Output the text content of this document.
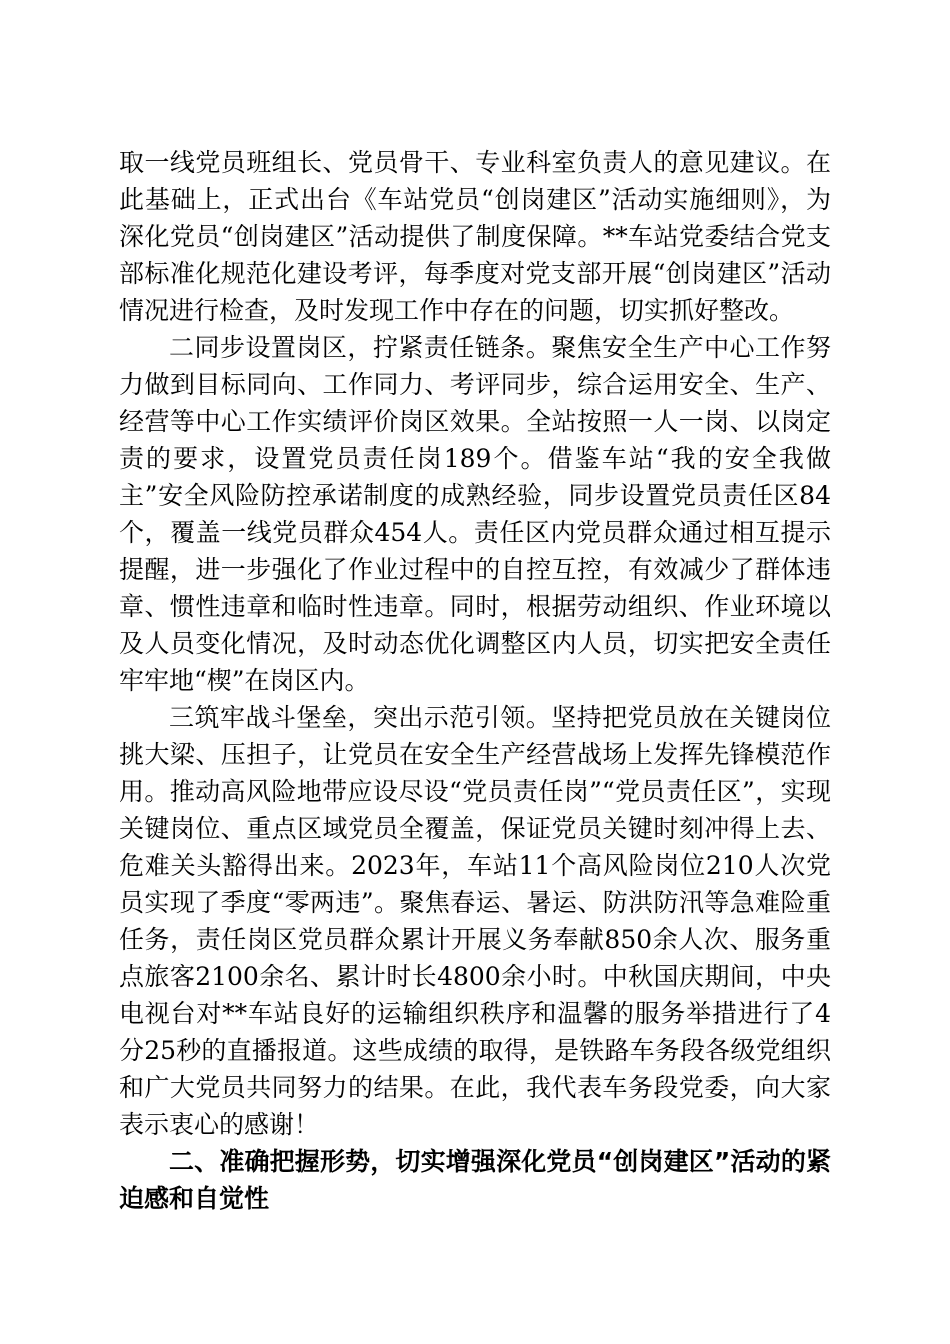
取一线党员班组长、党员骨干、专业科室负责人的意见建议。在此基础上，正式出台《车站党员“创岗建区”活动实施细则》，为深化党员“创岗建区”活动提供了制度保障。**车站党委结合党支部标准化规范化建设考评，每季度对党支部开展“创岗建区”活动情况进行检查，及时发现工作中存在的问题，切实抓好整改。

二同步设置岗区，拧紧责任链条。聚焦安全生产中心工作努力做到目标同向、工作同力、考评同步，综合运用安全、生产、经营等中心工作实绩评价岗区效果。全站按照一人一岗、以岗定责的要求，设置党员责任岗189个。借鉴车站“我的安全我做主”安全风险防控承诺制度的成熟经验，同步设置党员责任区84个，覆盖一线党员群众454人。责任区内党员群众通过相互提示提醒，进一步强化了作业过程中的自控互控，有效减少了群体违章、惯性违章和临时性违章。同时，根据劳动组织、作业环境以及人员变化情况，及时动态优化调整区内人员，切实把安全责任牢牢地“楔”在岗区内。

三筑牢战斗堡垒，突出示范引领。坚持把党员放在关键岗位挑大梁、压担子，让党员在安全生产经营战场上发挥先锋模范作用。推动高风险地带应设尽设“党员责任岗”“党员责任区”，实现关键岗位、重点区域党员全覆盖，保证党员关键时刻冲得上去、危难关头豁得出来。2023年，车站11个高风险岗位210人次党员实现了季度“零两违”。聚焦春运、暑运、防洪防汛等急难险重任务，责任岗区党员群众累计开展义务奉献850余人次、服务重点旅客2100余名、累计时长4800余小时。中秋国庆期间，中央电视台对**车站良好的运输组织秩序和温馨的服务举措进行了4分25秒的直播报道。这些成绩的取得，是铁路车务段各级党组织和广大党员共同努力的结果。在此，我代表车务段党委，向大家表示衷心的感谢！

二、准确把握形势，切实增强深化党员“创岗建区”活动的紧迫感和自觉性
